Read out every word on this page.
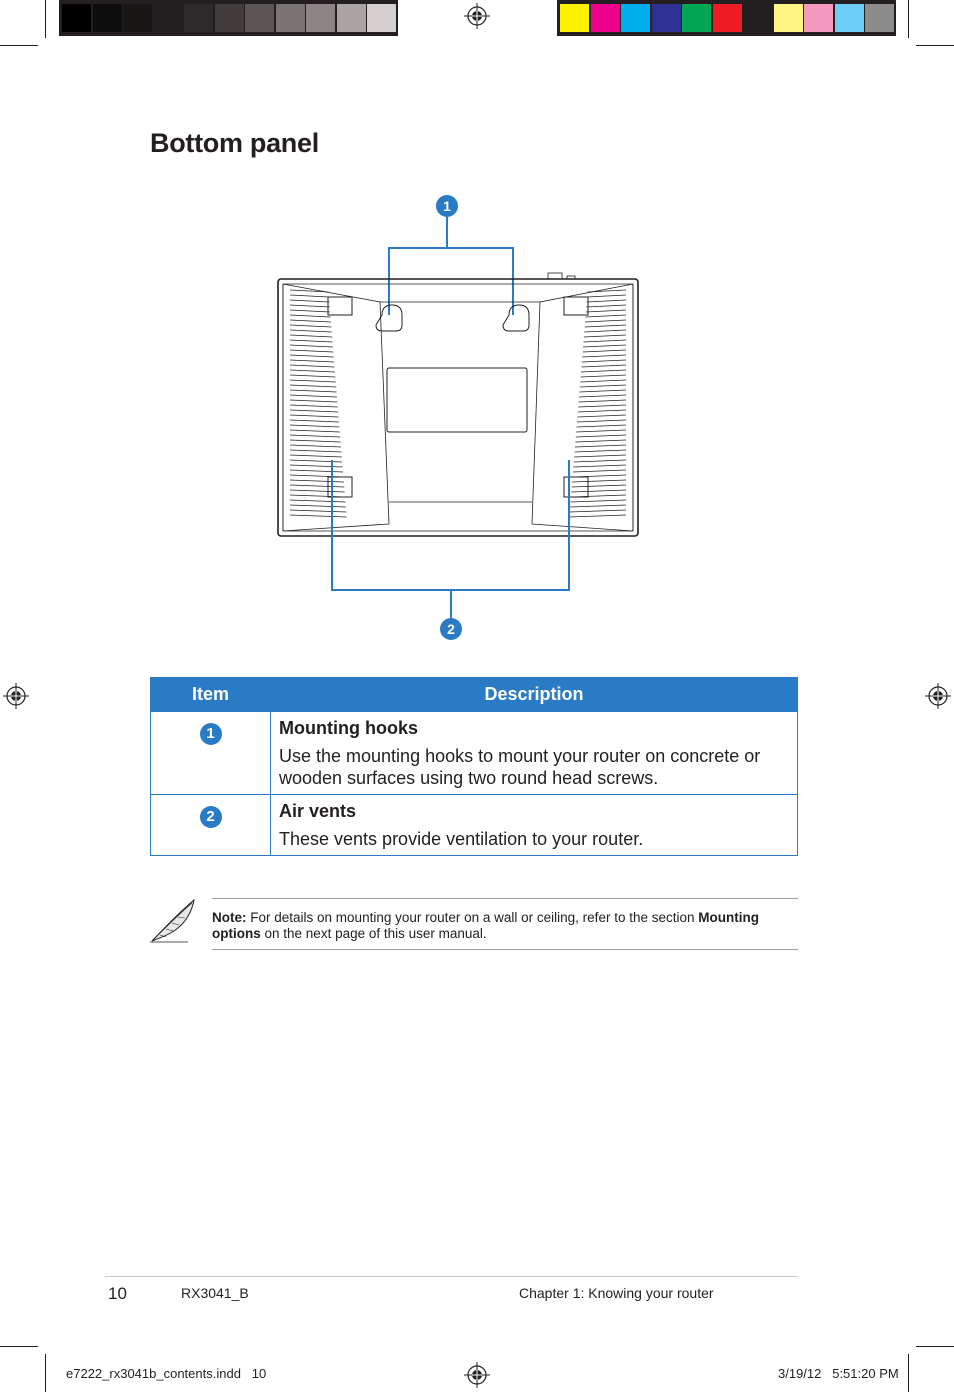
Bottom panel
1
2
Item	Description
1	Mounting hooks
Use the mounting hooks to mount your router on concrete or wooden surfaces using two round head screws.

2	Air vents
These vents provide ventilation to your router.
Note: For details on mounting your router on a wall or ceiling, refer to the section Mounting options on the next page of this user manual.
10	RX3041_B	Chapter 1: Knowing your router
e7222_rx3041b_contents.indd   10	3/19/12   5:51:20 PM
